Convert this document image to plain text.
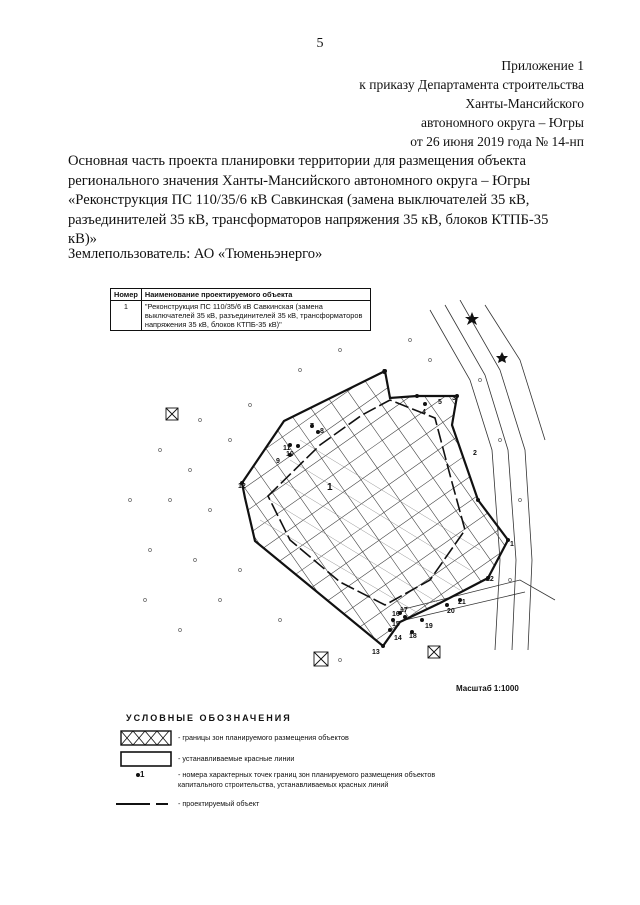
5
Приложение 1
к приказу Департамента строительства
Ханты-Мансийского
автономного округа – Югры
от 26 июня 2019 года № 14-нп
Основная часть проекта планировки территории для размещения объекта
регионального значения Ханты-Мансийского автономного округа – Югры
«Реконструкция ПС 110/35/6 кВ Савкинская (замена выключателей 35 кВ,
разъединителей 35 кВ, трансформаторов напряжения 35 кВ, блоков КТПБ-35
кВ)»
Землепользователь: АО «Тюменьэнерго»
1
2
3
4
5
6
7
8
9
10
11
12
13
14
15
16
17
18
19
20
21
22
1
Номер	Наименование проектируемого объекта
1	"Реконструкция ПС 110/35/6 кВ Савкинская (замена выключателей 35 кВ, разъединителей 35 кВ, трансформаторов напряжения 35 кВ, блоков КТПБ-35 кВ)"
Масштаб 1:1000
УСЛОВНЫЕ ОБОЗНАЧЕНИЯ
- границы зон планируемого размещения объектов
- устанавливаемые красные линии
1	- номера характерных точек границ зон планируемого размещения объектов
капитального строительства, устанавливаемых красных линий
- проектируемый объект
